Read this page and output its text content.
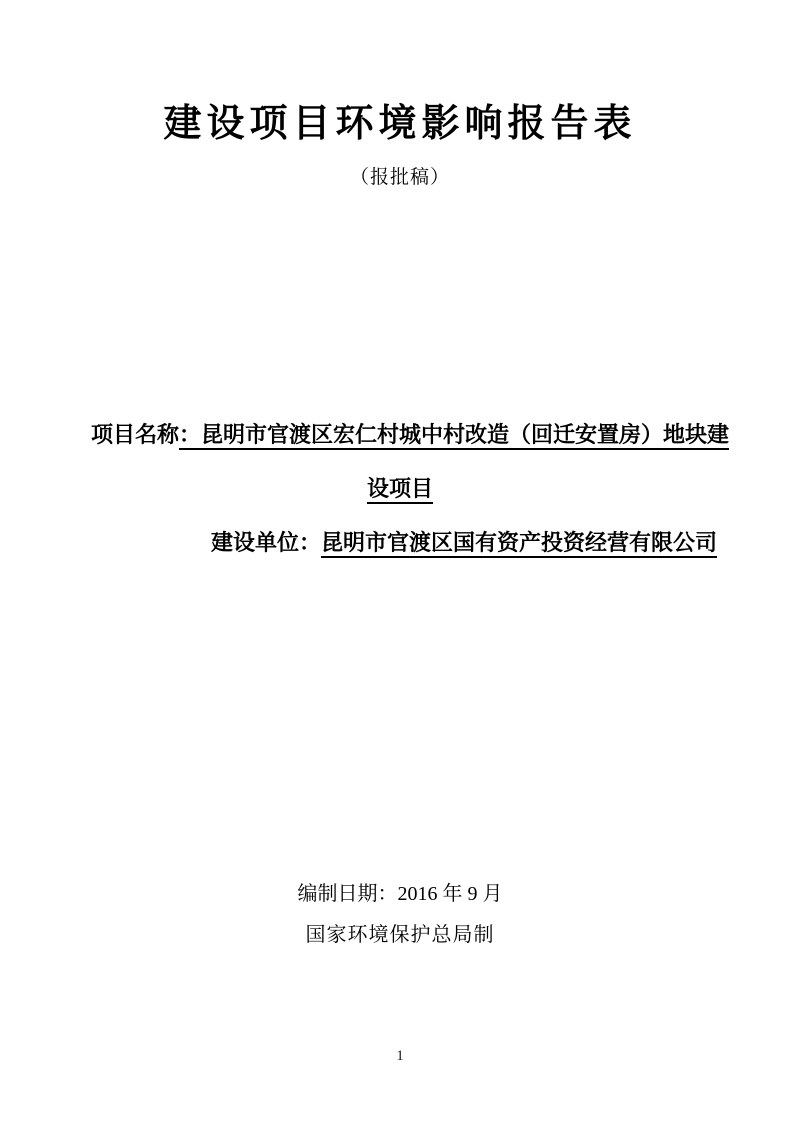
建设项目环境影响报告表
（报批稿）
项目名称：昆明市官渡区宏仁村城中村改造（回迁安置房）地块建
设项目
建设单位：昆明市官渡区国有资产投资经营有限公司
编制日期：2016 年 9 月
国家环境保护总局制
1
